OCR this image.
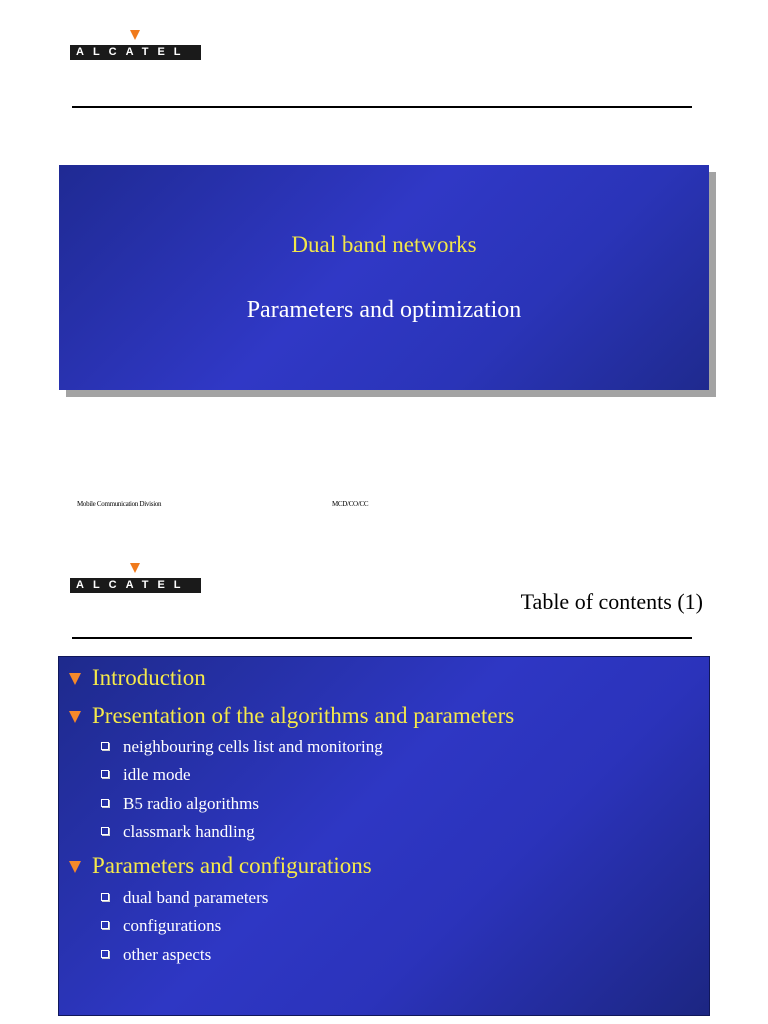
ALCATEL
Dual band networks
Parameters and optimization
Mobile Communication Division	MCD/CO/CC
ALCATEL
Table of contents (1)
Introduction
Presentation of the algorithms and parameters
neighbouring cells list and monitoring
idle mode
B5 radio algorithms
classmark handling
Parameters and configurations
dual band parameters
configurations
other aspects
